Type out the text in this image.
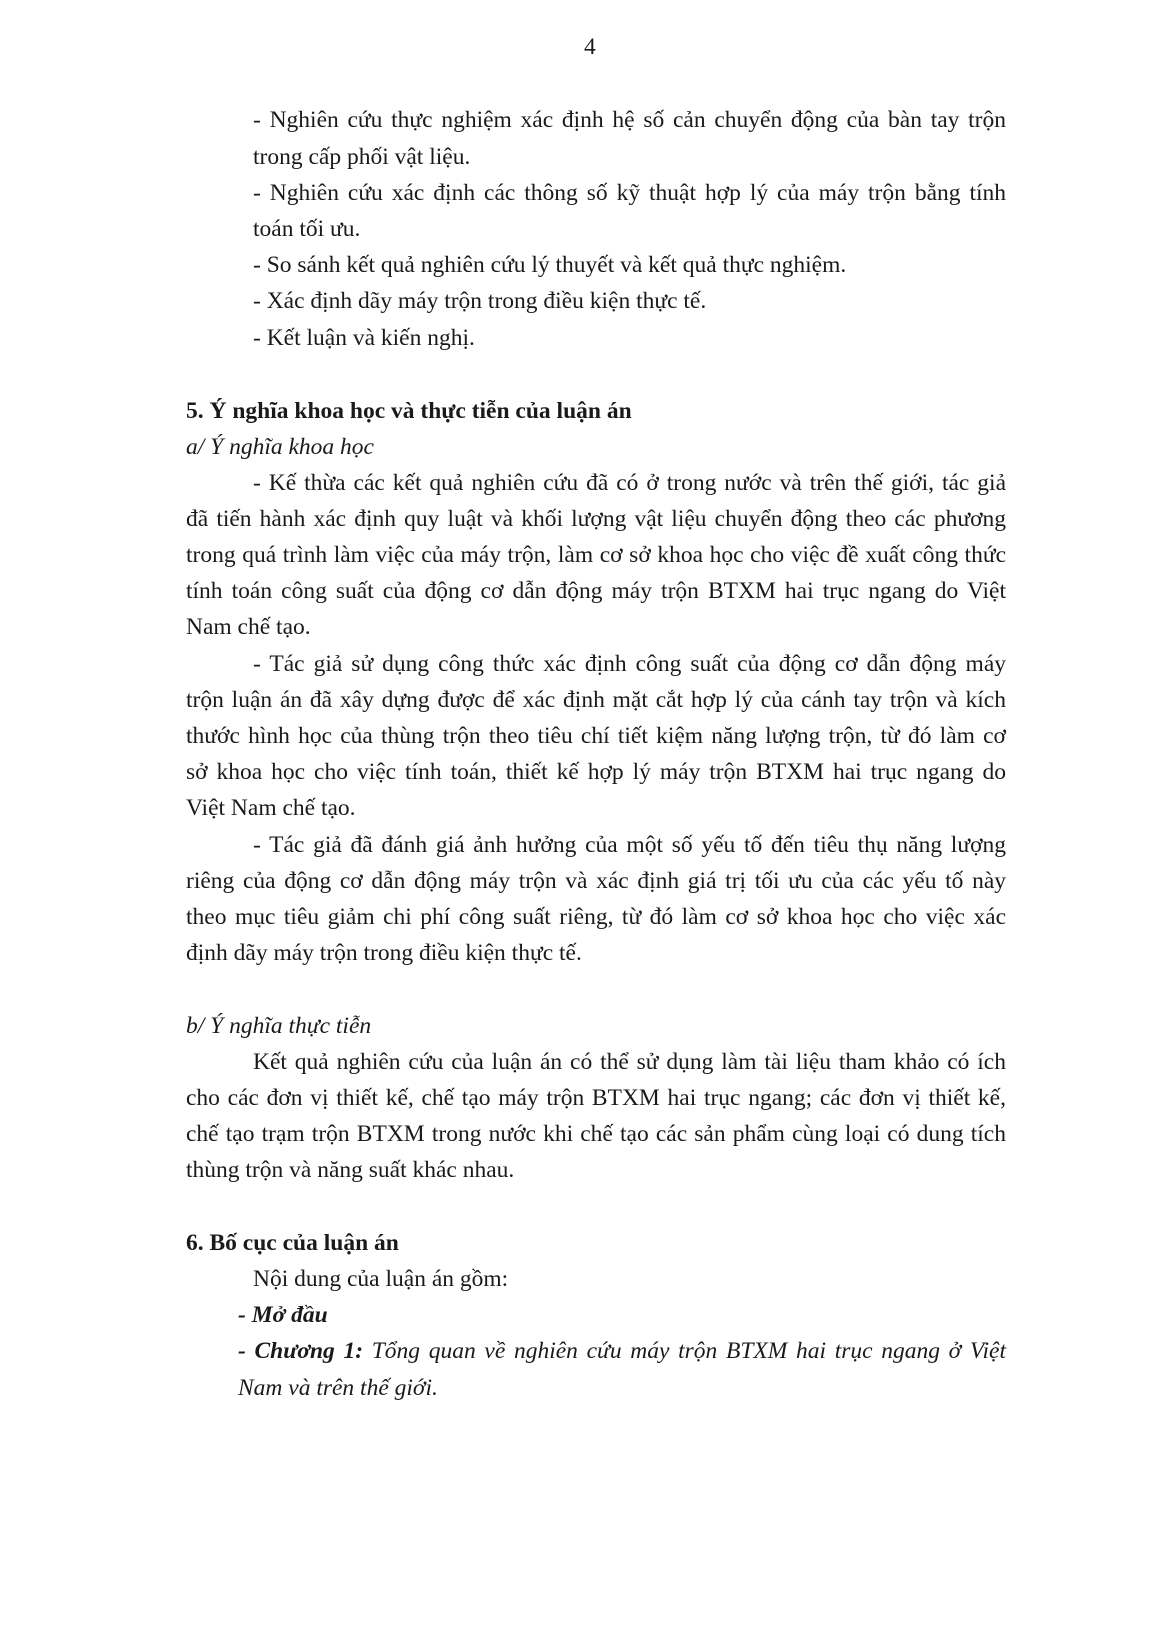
4
- Nghiên cứu thực nghiệm xác định hệ số cản chuyển động của bàn tay trộn
trong cấp phối vật liệu.
- Nghiên cứu xác định các thông số kỹ thuật hợp lý của máy trộn bằng tính
toán tối ưu.
- So sánh kết quả nghiên cứu lý thuyết và kết quả thực nghiệm.
- Xác định dãy máy trộn trong điều kiện thực tế.
- Kết luận và kiến nghị.
5. Ý nghĩa khoa học và thực tiễn của luận án
a/ Ý nghĩa khoa học
- Kế thừa các kết quả nghiên cứu đã có ở trong nước và trên thế giới, tác giả
đã tiến hành xác định quy luật và khối lượng vật liệu chuyển động theo các phương
trong quá trình làm việc của máy trộn, làm cơ sở khoa học cho việc đề xuất công thức
tính toán công suất của động cơ dẫn động máy trộn BTXM hai trục ngang do Việt
Nam chế tạo.
- Tác giả sử dụng công thức xác định công suất của động cơ dẫn động máy
trộn luận án đã xây dựng được để xác định mặt cắt hợp lý của cánh tay trộn và kích
thước hình học của thùng trộn theo tiêu chí tiết kiệm năng lượng trộn, từ đó làm cơ
sở khoa học cho việc tính toán, thiết kế hợp lý máy trộn BTXM hai trục ngang do
Việt Nam chế tạo.
- Tác giả đã đánh giá ảnh hưởng của một số yếu tố đến tiêu thụ năng lượng
riêng của động cơ dẫn động máy trộn và xác định giá trị tối ưu của các yếu tố này
theo mục tiêu giảm chi phí công suất riêng, từ đó làm cơ sở khoa học cho việc xác
định dãy máy trộn trong điều kiện thực tế.
b/ Ý nghĩa thực tiễn
Kết quả nghiên cứu của luận án có thể sử dụng làm tài liệu tham khảo có ích
cho các đơn vị thiết kế, chế tạo máy trộn BTXM hai trục ngang; các đơn vị thiết kế,
chế tạo trạm trộn BTXM trong nước khi chế tạo các sản phẩm cùng loại có dung tích
thùng trộn và năng suất khác nhau.
6. Bố cục của luận án
Nội dung của luận án gồm:
- Mở đầu
- Chương 1: Tổng quan về nghiên cứu máy trộn BTXM hai trục ngang ở Việt
Nam và trên thế giới.
